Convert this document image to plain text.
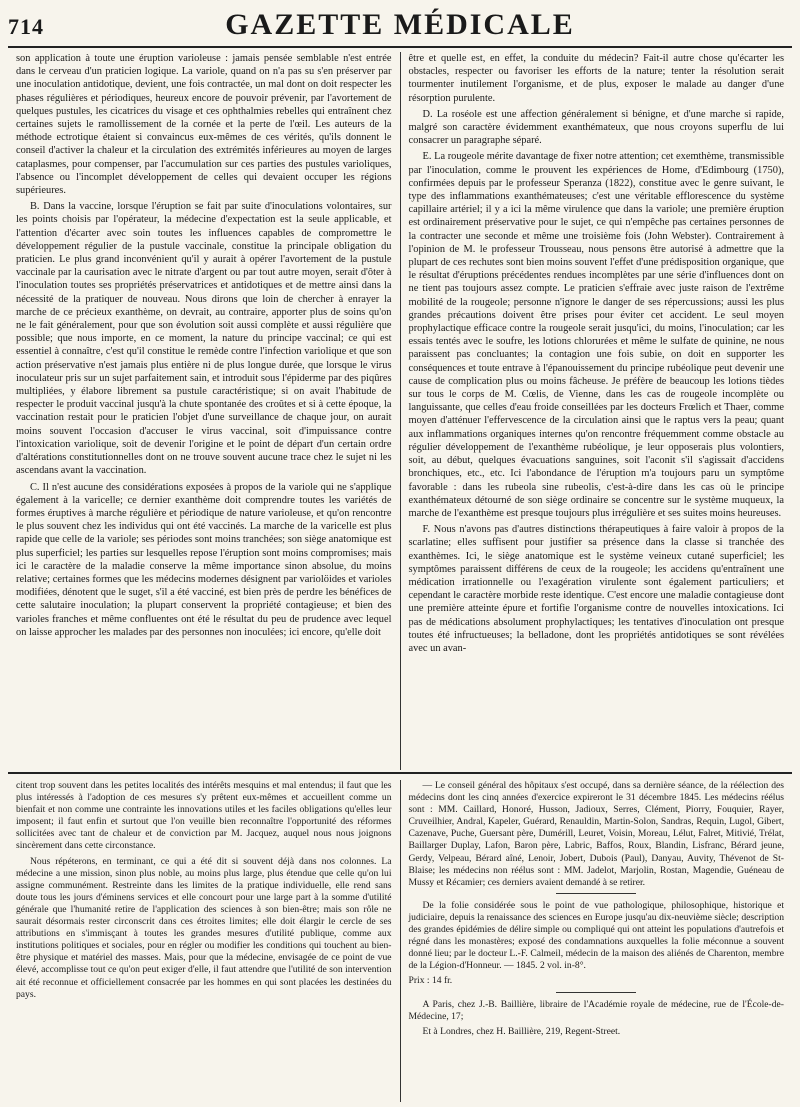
714	GAZETTE MÉDICALE

son application à toute une éruption varioleuse : jamais pensée semblable n'est entrée dans le cerveau d'un praticien logique. La variole, quand on n'a pas su s'en préserver par une inoculation antidotique, devient, une fois contractée, un mal dont on doit respecter les phases régulières et périodiques, heureux encore de pouvoir prévenir, par l'avortement de quelques pustules, les cicatrices du visage et ces ophthalmies rebelles qui entraînent chez certaines sujets le ramollissement de la cornée et la perte de l'œil. Les auteurs de la méthode ectrotique étaient si convaincus eux-mêmes de ces vérités, qu'ils donnent le conseil d'activer la chaleur et la circulation des extrémités inférieures au moyen de larges cataplasmes, pour compenser, par l'accumulation sur ces parties des pustules varioliques, l'absence ou l'incomplet développement de celles qui devaient occuper les régions supérieures.

B. Dans la vaccine, lorsque l'éruption se fait par suite d'inoculations volontaires, sur les points choisis par l'opérateur, la médecine d'expectation est la seule applicable, et l'attention d'écarter avec soin toutes les influences capables de compromettre le développement régulier de la pustule vaccinale, constitue la principale obligation du praticien. Le plus grand inconvénient qu'il y aurait à opérer l'avortement de la pustule vaccinale par la caurisation avec le nitrate d'argent ou par tout autre moyen, serait d'ôter à l'inoculation toutes ses propriétés préservatrices et antidotiques et de mettre ainsi dans la nécessité de la pratiquer de nouveau. Nous dirons que loin de chercher à enrayer la marche de ce précieux exanthème, on devrait, au contraire, apporter plus de soins qu'on ne le fait généralement, pour que son évolution soit aussi complète et aussi régulière que possible; que nous importe, en ce moment, la nature du principe vaccinal; ce qui est essentiel à connaître, c'est qu'il constitue le remède contre l'infection variolique et que son action préservative n'est jamais plus entière ni de plus longue durée, que lorsque le virus inoculateur pris sur un sujet parfaitement sain, et introduit sous l'épiderme par des piqûres multipliées, y élabore librement sa pustule caractéristique; si on avait l'habitude de respecter le produit vaccinal jusqu'à la chute spontanée des croûtes et si à cette époque, la vaccination restait pour le praticien l'objet d'une surveillance de chaque jour, on aurait moins souvent l'occasion d'accuser le virus vaccinal, soit d'impuissance contre l'intoxication variolique, soit de devenir l'origine et le point de départ d'un certain ordre d'altérations constitutionnelles dont on ne trouve souvent aucune trace chez le sujet ni les ascendans avant la vaccination.

C. Il n'est aucune des considérations exposées à propos de la variole qui ne s'applique également à la varicelle; ce dernier exanthème doit comprendre toutes les variétés de formes éruptives à marche régulière et périodique de nature varioleuse, et qu'on rencontre le plus souvent chez les individus qui ont été vaccinés. La marche de la varicelle est plus rapide que celle de la variole; ses périodes sont moins tranchées; son siège anatomique est plus superficiel; les parties sur lesquelles repose l'éruption sont moins compromises; mais ici le caractère de la maladie conserve la même importance sinon absolue, du moins relative; certaines formes que les médecins modernes désignent par variolöides et varioles modifiées, dénotent que le suget, s'il a été vacciné, est bien près de perdre les bénéfices de cette salutaire inoculation; la plupart conservent la propriété contagieuse; et bien des varioles franches et même confluentes ont été le résultat du peu de prudence avec lequel on laisse approcher les malades par des personnes non inoculées; ici encore, qu'elle doit

être et quelle est, en effet, la conduite du médecin? Fait-il autre chose qu'écarter les obstacles, respecter ou favoriser les efforts de la nature; tenter la résolution serait tourmenter inutilement l'organisme, et de plus, exposer le malade au danger d'une résorption purulente.

D. La roséole est une affection généralement si bénigne, et d'une marche si rapide, malgré son caractère évidemment exanthémateux, que nous croyons superflu de lui consacrer un paragraphe séparé.

E. La rougeole mérite davantage de fixer notre attention; cet exemthème, transmissible par l'inoculation, comme le prouvent les expériences de Home, d'Edimbourg (1750), confirmées depuis par le professeur Speranza (1822), constitue avec le genre suivant, le type des inflammations exanthémateuses; c'est une véritable efflorescence du système capillaire artériel; il y a ici la même virulence que dans la variole; une première éruption est ordinairement préservative pour le sujet, ce qui n'empêche pas certaines personnes de la contracter une seconde et même une troisième fois (John Webster). Contrairement à l'opinion de M. le professeur Trousseau, nous pensons être autorisé à admettre que la plupart de ces rechutes sont bien moins souvent l'effet d'une prédisposition organique, que le résultat d'éruptions précédentes rendues incomplètes par une série d'influences dont on ne tient pas toujours assez compte. Le praticien s'effraie avec juste raison de l'extrême mobilité de la rougeole; personne n'ignore le danger de ses répercussions; aussi les plus grandes précautions doivent être prises pour éviter cet accident. Le seul moyen prophylactique efficace contre la rougeole serait jusqu'ici, du moins, l'inoculation; car les essais tentés avec le soufre, les lotions chlorurées et même le sulfate de quinine, ne nous paraissent pas concluantes; la contagion une fois subie, on doit en supporter les conséquences et toute entrave à l'épanouissement du principe rubéolique peut devenir une cause de complication plus ou moins fâcheuse. Je préfère de beaucoup les lotions tièdes sur tous le corps de M. Cœlis, de Vienne, dans les cas de rougeole incomplète ou languissante, que celles d'eau froide conseillées par les docteurs Frœlich et Thaer, comme moyen d'atténuer l'effervescence de la circulation ainsi que le raptus vers la peau; quant aux inflammations organiques internes qu'on rencontre fréquemment comme obstacle au régulier développement de l'exanthème rubéolique, je leur opposerais plus volontiers, soit, au début, quelques évacuations sanguines, soit l'aconit s'il s'agissait d'accidens bronchiques, etc., etc. Ici l'abondance de l'éruption m'a toujours paru un symptôme favorable : dans les rubeola sine rubeolis, c'est-à-dire dans les cas où le principe exanthémateux détourné de son siège ordinaire se concentre sur le système muqueux, la marche de l'exanthème est presque toujours plus irrégulière et ses suites moins heureuses.

F. Nous n'avons pas d'autres distinctions thérapeutiques à faire valoir à propos de la scarlatine; elles suffisent pour justifier sa présence dans la classe si tranchée des exanthèmes. Ici, le siège anatomique est le système veineux cutané superficiel; les symptômes paraissent différens de ceux de la rougeole; les accidens qu'entraînent une médication irrationnelle ou l'exagération virulente sont également particuliers; et cependant le caractère morbide reste identique. C'est encore une maladie contagieuse dont une première atteinte épure et fortifie l'organisme contre de nouvelles intoxications. Ici pas de médications absolument prophylactiques; les tentatives d'inoculation ont presque toutes été infructueuses; la belladone, dont les propriétés antidotiques se sont révélées avec un avan-

citent trop souvent dans les petites localités des intérêts mesquins et mal entendus; il faut que les plus intéressés à l'adoption de ces mesures s'y prêtent eux-mêmes et accueillent comme un bienfait et non comme une contrainte les innovations utiles et les faciles obligations qu'elles leur imposent; il faut enfin et surtout que l'on veuille bien reconnaître l'opportunité des réformes sollicitées avec tant de chaleur et de conviction par M. Jacquez, auquel nous nous joignons sincèrement dans cette circonstance.

Nous répéterons, en terminant, ce qui a été dit si souvent déjà dans nos colonnes. La médecine a une mission, sinon plus noble, au moins plus large, plus étendue que celle qu'on lui assigne communément. Restreinte dans les limites de la pratique individuelle, elle rend sans doute tous les jours d'éminens services et elle concourt pour une large part à la somme d'utilité générale que l'humanité retire de l'application des sciences à son bien-être; mais son rôle ne saurait désormais rester circonscrit dans ces étroites limites; elle doit élargir le cercle de ses attributions en s'immisçant à toutes les grandes mesures d'utilité publique, comme aux institutions politiques et sociales, pour en régler ou modifier les conditions qui touchent au bien-être physique et matériel des masses. Mais, pour que la médecine, envisagée de ce point de vue élevé, accomplisse tout ce qu'on peut exiger d'elle, il faut attendre que l'utilité de son intervention ait été reconnue et officiellement consacrée par les hommes en qui sont placées les destinées du pays.

— Le conseil général des hôpitaux s'est occupé, dans sa dernière séance, de la réélection des médecins dont les cinq années d'exercice expireront le 31 décembre 1845. Les médecins réélus sont : MM. Caillard, Honoré, Husson, Jadioux, Serres, Clément, Piorry, Fouquier, Rayer, Cruveilhier, Andral, Kapeler, Guérard, Renauldin, Martin-Solon, Sandras, Requin, Lugol, Gibert, Cazenave, Puche, Guersant père, Dumérill, Leuret, Voisin, Moreau, Lélut, Falret, Mitivié, Trélat, Baillarger Duplay, Lafon, Baron père, Labric, Baffos, Roux, Blandin, Lisfranc, Bérard jeune, Gerdy, Velpeau, Bérard aîné, Lenoir, Jobert, Dubois (Paul), Danyau, Auvity, Thévenot de St-Blaise; les médecins non réélus sont : MM. Jadelot, Marjolin, Rostan, Magendie, Guéneau de Mussy et Récamier; ces derniers avaient demandé à se retirer.

De la folie considérée sous le point de vue pathologique, philosophique, historique et judiciaire, depuis la renaissance des sciences en Europe jusqu'au dix-neuvième siècle; description des grandes épidémies de délire simple ou compliqué qui ont atteint les populations d'autrefois et régné dans les monastères; exposé des condamnations auxquelles la folie méconnue a souvent donné lieu; par le docteur L.-F. Calmeil, médecin de la maison des aliénés de Charenton, membre de la Légion-d'Honneur. — 1845. 2 vol. in-8°.

Prix : 14 fr.

A Paris, chez J.-B. Baillière, libraire de l'Académie royale de médecine, rue de l'École-de-Médecine, 17;

Et à Londres, chez H. Baillière, 219, Regent-Street.
